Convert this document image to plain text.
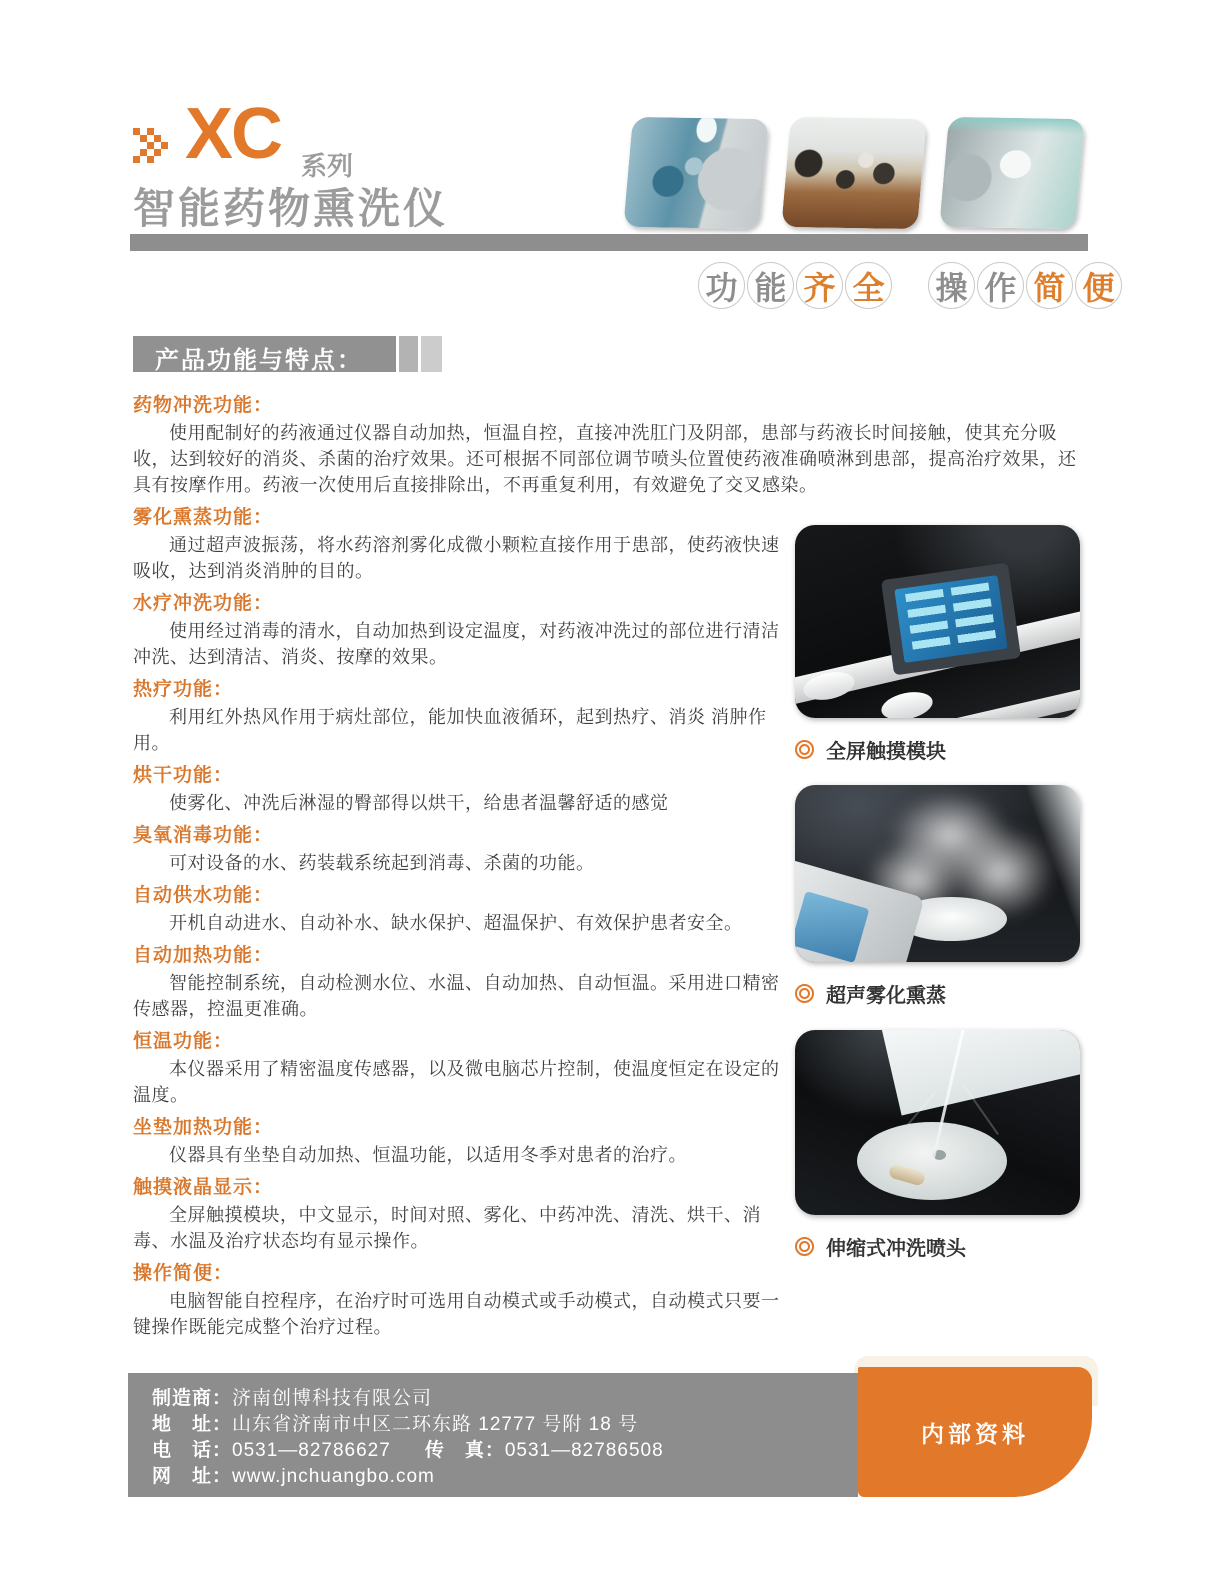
XC 系列
智能药物熏洗仪
功 能 齐 全 操 作 简 便
产品功能与特点：
药物冲洗功能：

使用配制好的药液通过仪器自动加热，恒温自控，直接冲洗肛门及阴部，患部与药液长时间接触，使其充分吸收，达到较好的消炎、杀菌的治疗效果。还可根据不同部位调节喷头位置使药液准确喷淋到患部，提高治疗效果，还具有按摩作用。药液一次使用后直接排除出，不再重复利用，有效避免了交叉感染。

雾化熏蒸功能：

通过超声波振荡，将水药溶剂雾化成微小颗粒直接作用于患部，使药液快速吸收，达到消炎消肿的目的。

水疗冲洗功能：

使用经过消毒的清水，自动加热到设定温度，对药液冲洗过的部位进行清洁冲洗、达到清洁、消炎、按摩的效果。

热疗功能：

利用红外热风作用于病灶部位，能加快血液循环，起到热疗、消炎 消肿作用。

烘干功能：

使雾化、冲洗后淋湿的臀部得以烘干，给患者温馨舒适的感觉

臭氧消毒功能：

可对设备的水、药装载系统起到消毒、杀菌的功能。

自动供水功能：

开机自动进水、自动补水、缺水保护、超温保护、有效保护患者安全。

自动加热功能：

智能控制系统，自动检测水位、水温、自动加热、自动恒温。采用进口精密传感器，控温更准确。

恒温功能：

本仪器采用了精密温度传感器，以及微电脑芯片控制，使温度恒定在设定的温度。

坐垫加热功能：

仪器具有坐垫自动加热、恒温功能，以适用冬季对患者的治疗。

触摸液晶显示：

全屏触摸模块，中文显示，时间对照、雾化、中药冲洗、清洗、烘干、消毒、水温及治疗状态均有显示操作。

操作简便：

电脑智能自控程序，在治疗时可选用自动模式或手动模式，自动模式只要一键操作既能完成整个治疗过程。

全屏触摸模块
超声雾化熏蒸
伸缩式冲洗喷头
制造商：济南创博科技有限公司
地　址：山东省济南市中区二环东路 12777 号附 18 号
电　话：0531—82786627 传　真：0531—82786508
网　址：www.jnchuangbo.com
内部资料
